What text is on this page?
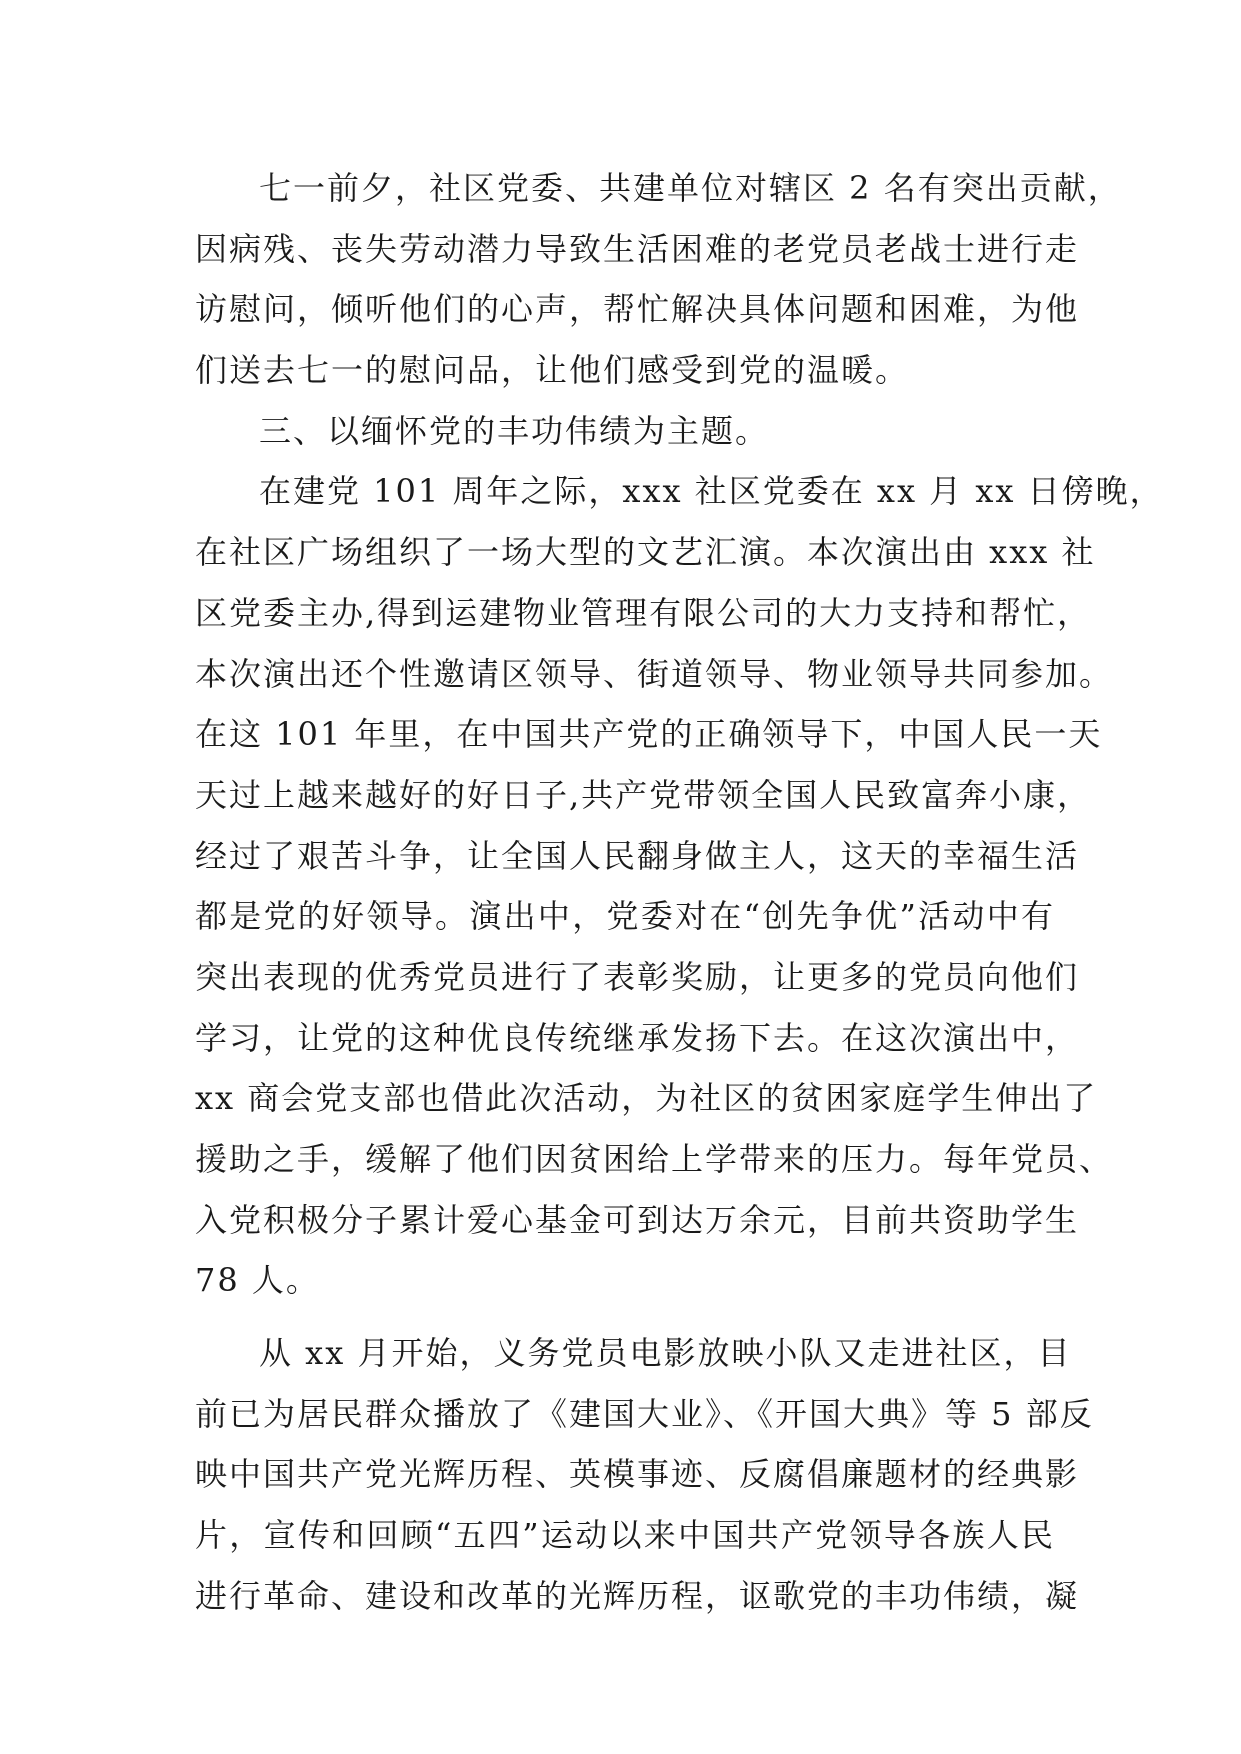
七一前夕，社区党委、共建单位对辖区 2 名有突出贡献，
因病残、丧失劳动潜力导致生活困难的老党员老战士进行走
访慰问，倾听他们的心声，帮忙解决具体问题和困难，为他
们送去七一的慰问品，让他们感受到党的温暖。
三、以缅怀党的丰功伟绩为主题。
在建党 101 周年之际，xxx 社区党委在 xx 月 xx 日傍晚，
在社区广场组织了一场大型的文艺汇演。本次演出由 xxx 社
区党委主办,得到运建物业管理有限公司的大力支持和帮忙，
本次演出还个性邀请区领导、街道领导、物业领导共同参加。
在这 101 年里，在中国共产党的正确领导下，中国人民一天
天过上越来越好的好日子,共产党带领全国人民致富奔小康，
经过了艰苦斗争，让全国人民翻身做主人，这天的幸福生活
都是党的好领导。演出中，党委对在“创先争优”活动中有
突出表现的优秀党员进行了表彰奖励，让更多的党员向他们
学习，让党的这种优良传统继承发扬下去。在这次演出中，
xx 商会党支部也借此次活动，为社区的贫困家庭学生伸出了
援助之手，缓解了他们因贫困给上学带来的压力。每年党员、
入党积极分子累计爱心基金可到达万余元，目前共资助学生
78 人。
从 xx 月开始，义务党员电影放映小队又走进社区，目
前已为居民群众播放了《建国大业》、《开国大典》等 5 部反
映中国共产党光辉历程、英模事迹、反腐倡廉题材的经典影
片，宣传和回顾“五四”运动以来中国共产党领导各族人民
进行革命、建设和改革的光辉历程，讴歌党的丰功伟绩，凝
